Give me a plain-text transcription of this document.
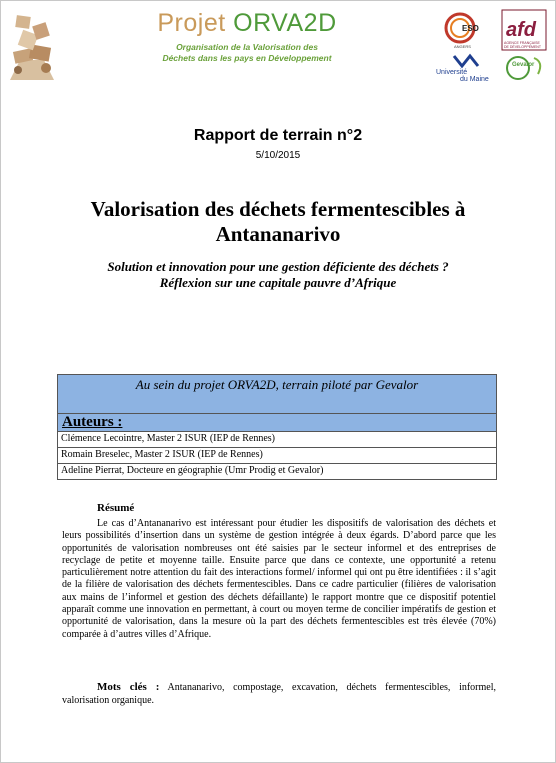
Projet ORVA2D
Organisation de la Valorisation des
Déchets dans les pays en Développement
ESO
ANGERS
afd
AGENCE FRANÇAISE
DE DÉVELOPPEMENT
Université
du Maine
Gevalor
Rapport de terrain n°2
5/10/2015
Valorisation des déchets fermentescibles à Antananarivo
Solution et innovation pour une gestion déficiente des déchets ?
Réflexion sur une capitale pauvre d’Afrique
Au sein du projet ORVA2D, terrain piloté par Gevalor
Auteurs :
Clémence Lecointre, Master 2 ISUR (IEP de Rennes)
Romain Breselec, Master 2 ISUR (IEP de Rennes)
Adeline Pierrat, Docteure en géographie (Umr Prodig et Gevalor)
Résumé
Le cas d’Antananarivo est intéressant pour étudier les dispositifs de valorisation des déchets et leurs possibilités d’insertion dans un système de gestion intégrée à deux égards. D’abord parce que les opportunités de valorisation nombreuses ont été saisies par le secteur informel et des entreprises de recyclage de petite et moyenne taille. Ensuite parce que dans ce contexte, une opportunité a retenu particulièrement notre attention du fait des interactions formel/ informel qui ont pu être identifiées : il s’agit de la filière de valorisation des déchets fermentescibles. Dans ce cadre particulier (filières de valorisation aux mains de l’informel et gestion des déchets défaillante) le rapport montre que ce dispositif potentiel apparaît comme une innovation en permettant, à court ou moyen terme de concilier impératifs de gestion et opportunité de valorisation, dans la mesure où la part des déchets fermentescibles est très élevée (70%) comparée à d’autres villes d’Afrique.
Mots clés : Antananarivo, compostage, excavation, déchets fermentescibles, informel, valorisation organique.
